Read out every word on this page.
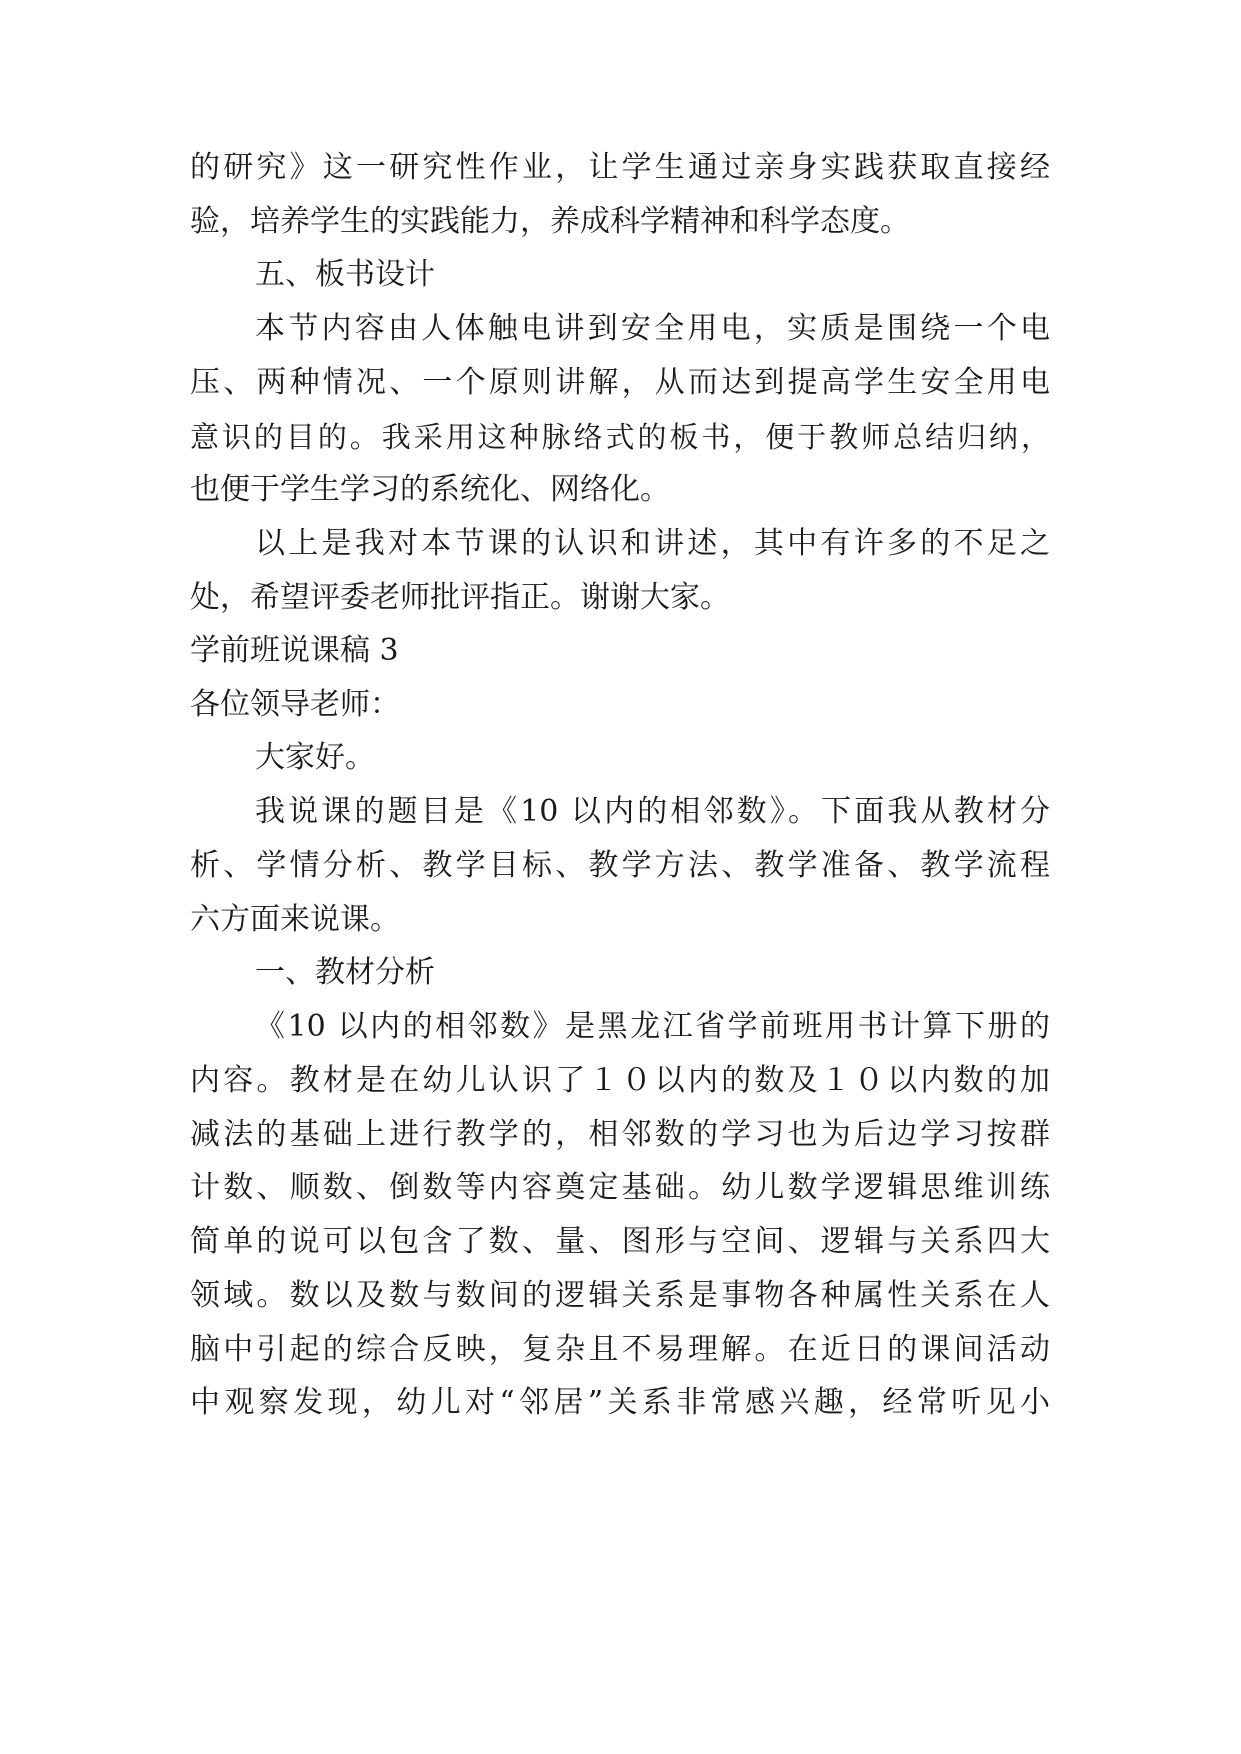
的研究》这一研究性作业，让学生通过亲身实践获取直接经
验，培养学生的实践能力，养成科学精神和科学态度。
五、板书设计
本节内容由人体触电讲到安全用电，实质是围绕一个电
压、两种情况、一个原则讲解，从而达到提高学生安全用电
意识的目的。我采用这种脉络式的板书，便于教师总结归纳，
也便于学生学习的系统化、网络化。
以上是我对本节课的认识和讲述，其中有许多的不足之
处，希望评委老师批评指正。谢谢大家。
学前班说课稿 3
各位领导老师：
大家好。
我说课的题目是《10 以内的相邻数》。下面我从教材分
析、学情分析、教学目标、教学方法、教学准备、教学流程
六方面来说课。
一、教材分析
《10 以内的相邻数》是黑龙江省学前班用书计算下册的
内容。教材是在幼儿认识了１０以内的数及１０以内数的加
减法的基础上进行教学的，相邻数的学习也为后边学习按群
计数、顺数、倒数等内容奠定基础。幼儿数学逻辑思维训练
简单的说可以包含了数、量、图形与空间、逻辑与关系四大
领域。数以及数与数间的逻辑关系是事物各种属性关系在人
脑中引起的综合反映，复杂且不易理解。在近日的课间活动
中观察发现，幼儿对“邻居”关系非常感兴趣，经常听见小
